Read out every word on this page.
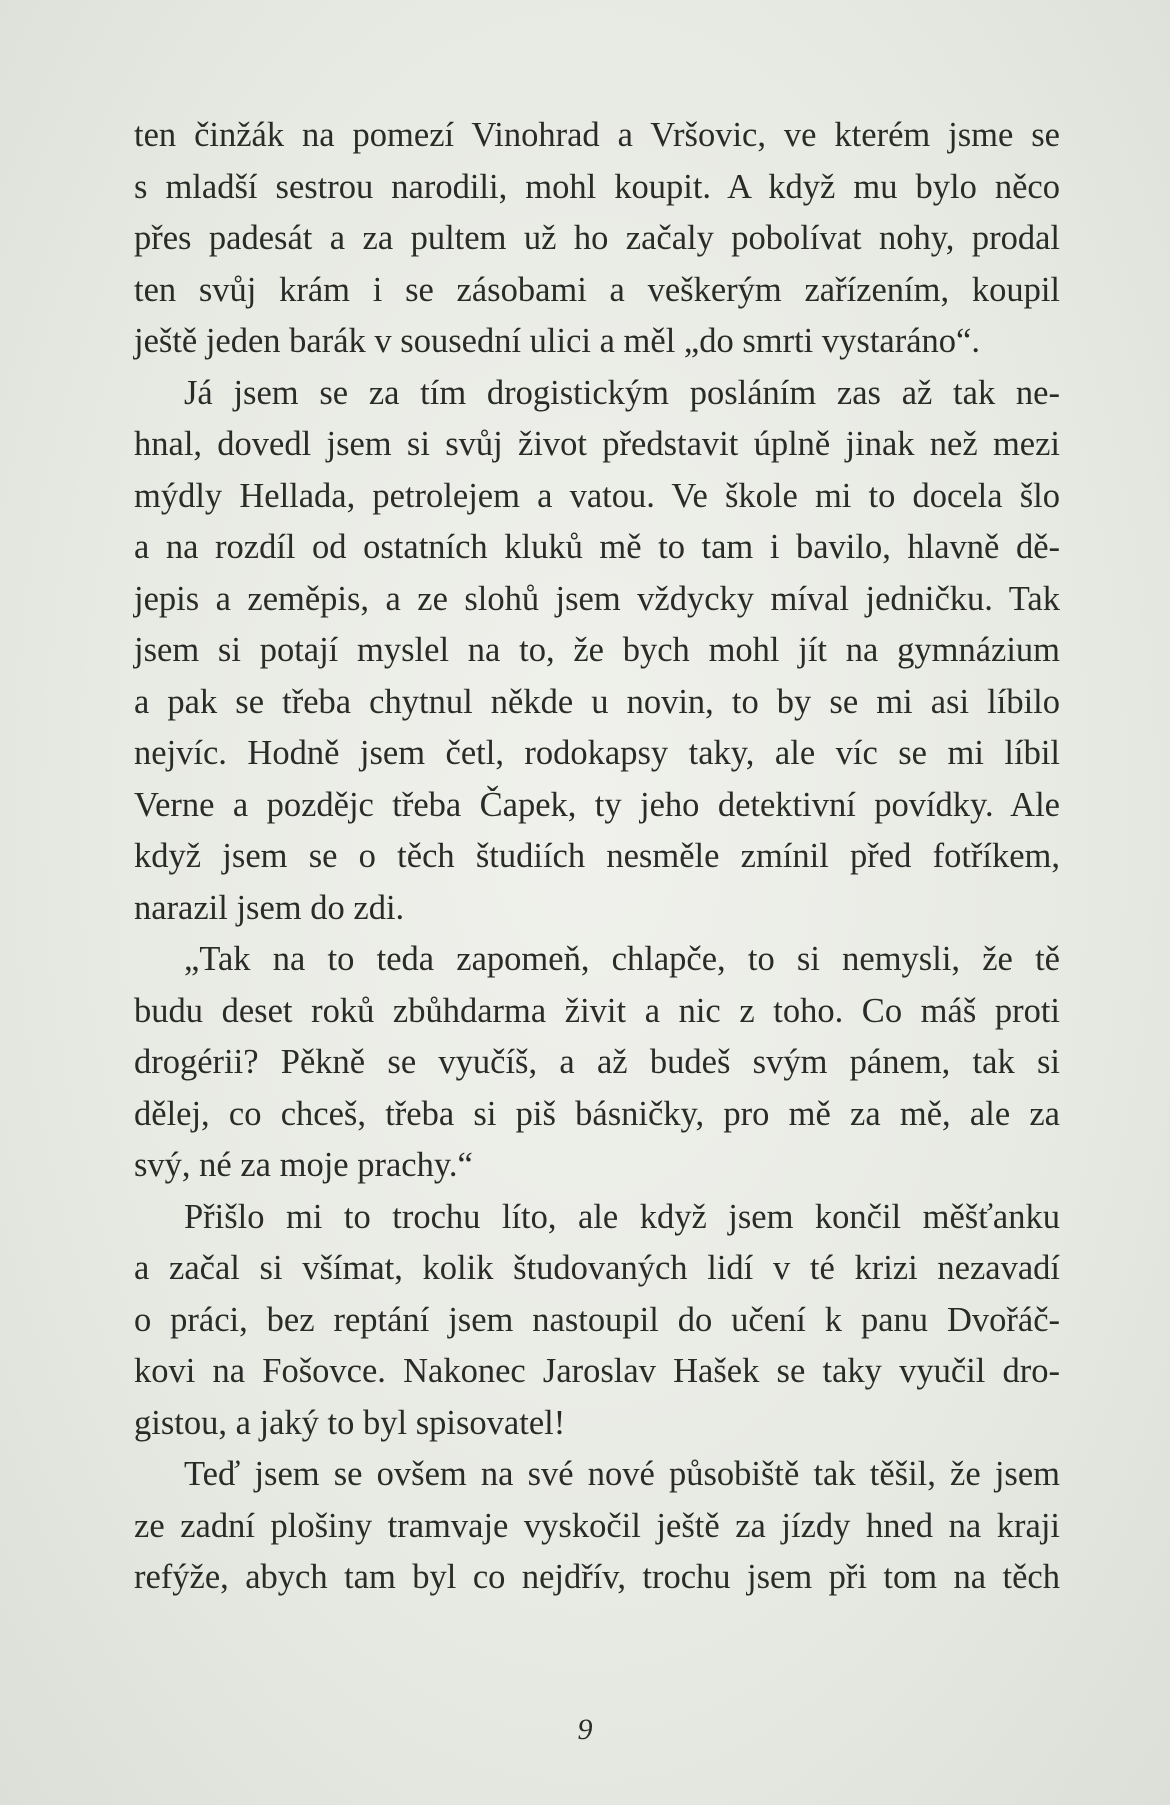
ten činžák na pomezí Vinohrad a Vršovic, ve kterém jsme se
s mladší sestrou narodili, mohl koupit. A když mu bylo něco
přes padesát a za pultem už ho začaly pobolívat nohy, prodal
ten svůj krám i se zásobami a veškerým zařízením, koupil
ještě jeden barák v sousední ulici a měl „do smrti vystaráno“.
Já jsem se za tím drogistickým posláním zas až tak ne-
hnal, dovedl jsem si svůj život představit úplně jinak než mezi
mýdly Hellada, petrolejem a vatou. Ve škole mi to docela šlo
a na rozdíl od ostatních kluků mě to tam i bavilo, hlavně dě-
jepis a zeměpis, a ze slohů jsem vždycky míval jedničku. Tak
jsem si potají myslel na to, že bych mohl jít na gymnázium
a pak se třeba chytnul někde u novin, to by se mi asi líbilo
nejvíc. Hodně jsem četl, rodokapsy taky, ale víc se mi líbil
Verne a pozdějc třeba Čapek, ty jeho detektivní povídky. Ale
když jsem se o těch študiích nesměle zmínil před fotříkem,
narazil jsem do zdi.
„Tak na to teda zapomeň, chlapče, to si nemysli, že tě
budu deset roků zbůhdarma živit a nic z toho. Co máš proti
drogérii? Pěkně se vyučíš, a až budeš svým pánem, tak si
dělej, co chceš, třeba si piš básničky, pro mě za mě, ale za
svý, né za moje prachy.“
Přišlo mi to trochu líto, ale když jsem končil měšťanku
a začal si všímat, kolik študovaných lidí v té krizi nezavadí
o práci, bez reptání jsem nastoupil do učení k panu Dvořáč-
kovi na Fošovce. Nakonec Jaroslav Hašek se taky vyučil dro-
gistou, a jaký to byl spisovatel!
Teď jsem se ovšem na své nové působiště tak těšil, že jsem
ze zadní plošiny tramvaje vyskočil ještě za jízdy hned na kraji
refýže, abych tam byl co nejdřív, trochu jsem při tom na těch
9
